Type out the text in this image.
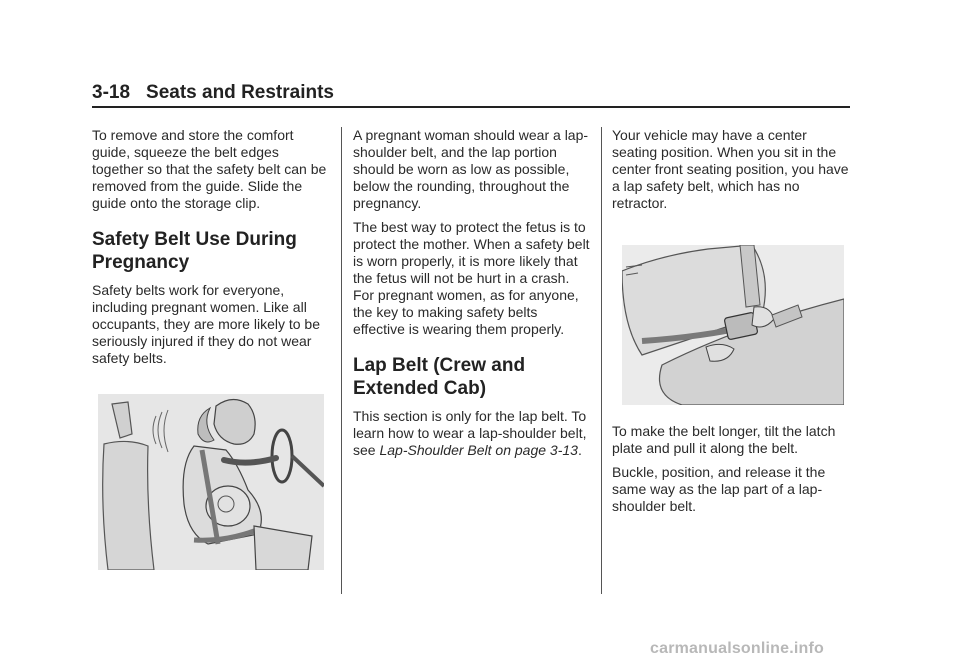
3-18 Seats and Restraints

To remove and store the comfort guide, squeeze the belt edges together so that the safety belt can be removed from the guide. Slide the guide onto the storage clip.

Safety Belt Use During Pregnancy

Safety belts work for everyone, including pregnant women. Like all occupants, they are more likely to be seriously injured if they do not wear safety belts.

A pregnant woman should wear a lap-shoulder belt, and the lap portion should be worn as low as possible, below the rounding, throughout the pregnancy.

The best way to protect the fetus is to protect the mother. When a safety belt is worn properly, it is more likely that the fetus will not be hurt in a crash. For pregnant women, as for anyone, the key to making safety belts effective is wearing them properly.

Lap Belt (Crew and Extended Cab)

This section is only for the lap belt. To learn how to wear a lap-shoulder belt, see Lap-Shoulder Belt on page 3-13.

Your vehicle may have a center seating position. When you sit in the center front seating position, you have a lap safety belt, which has no retractor.

To make the belt longer, tilt the latch plate and pull it along the belt.

Buckle, position, and release it the same way as the lap part of a lap-shoulder belt.

carmanualsonline.info
